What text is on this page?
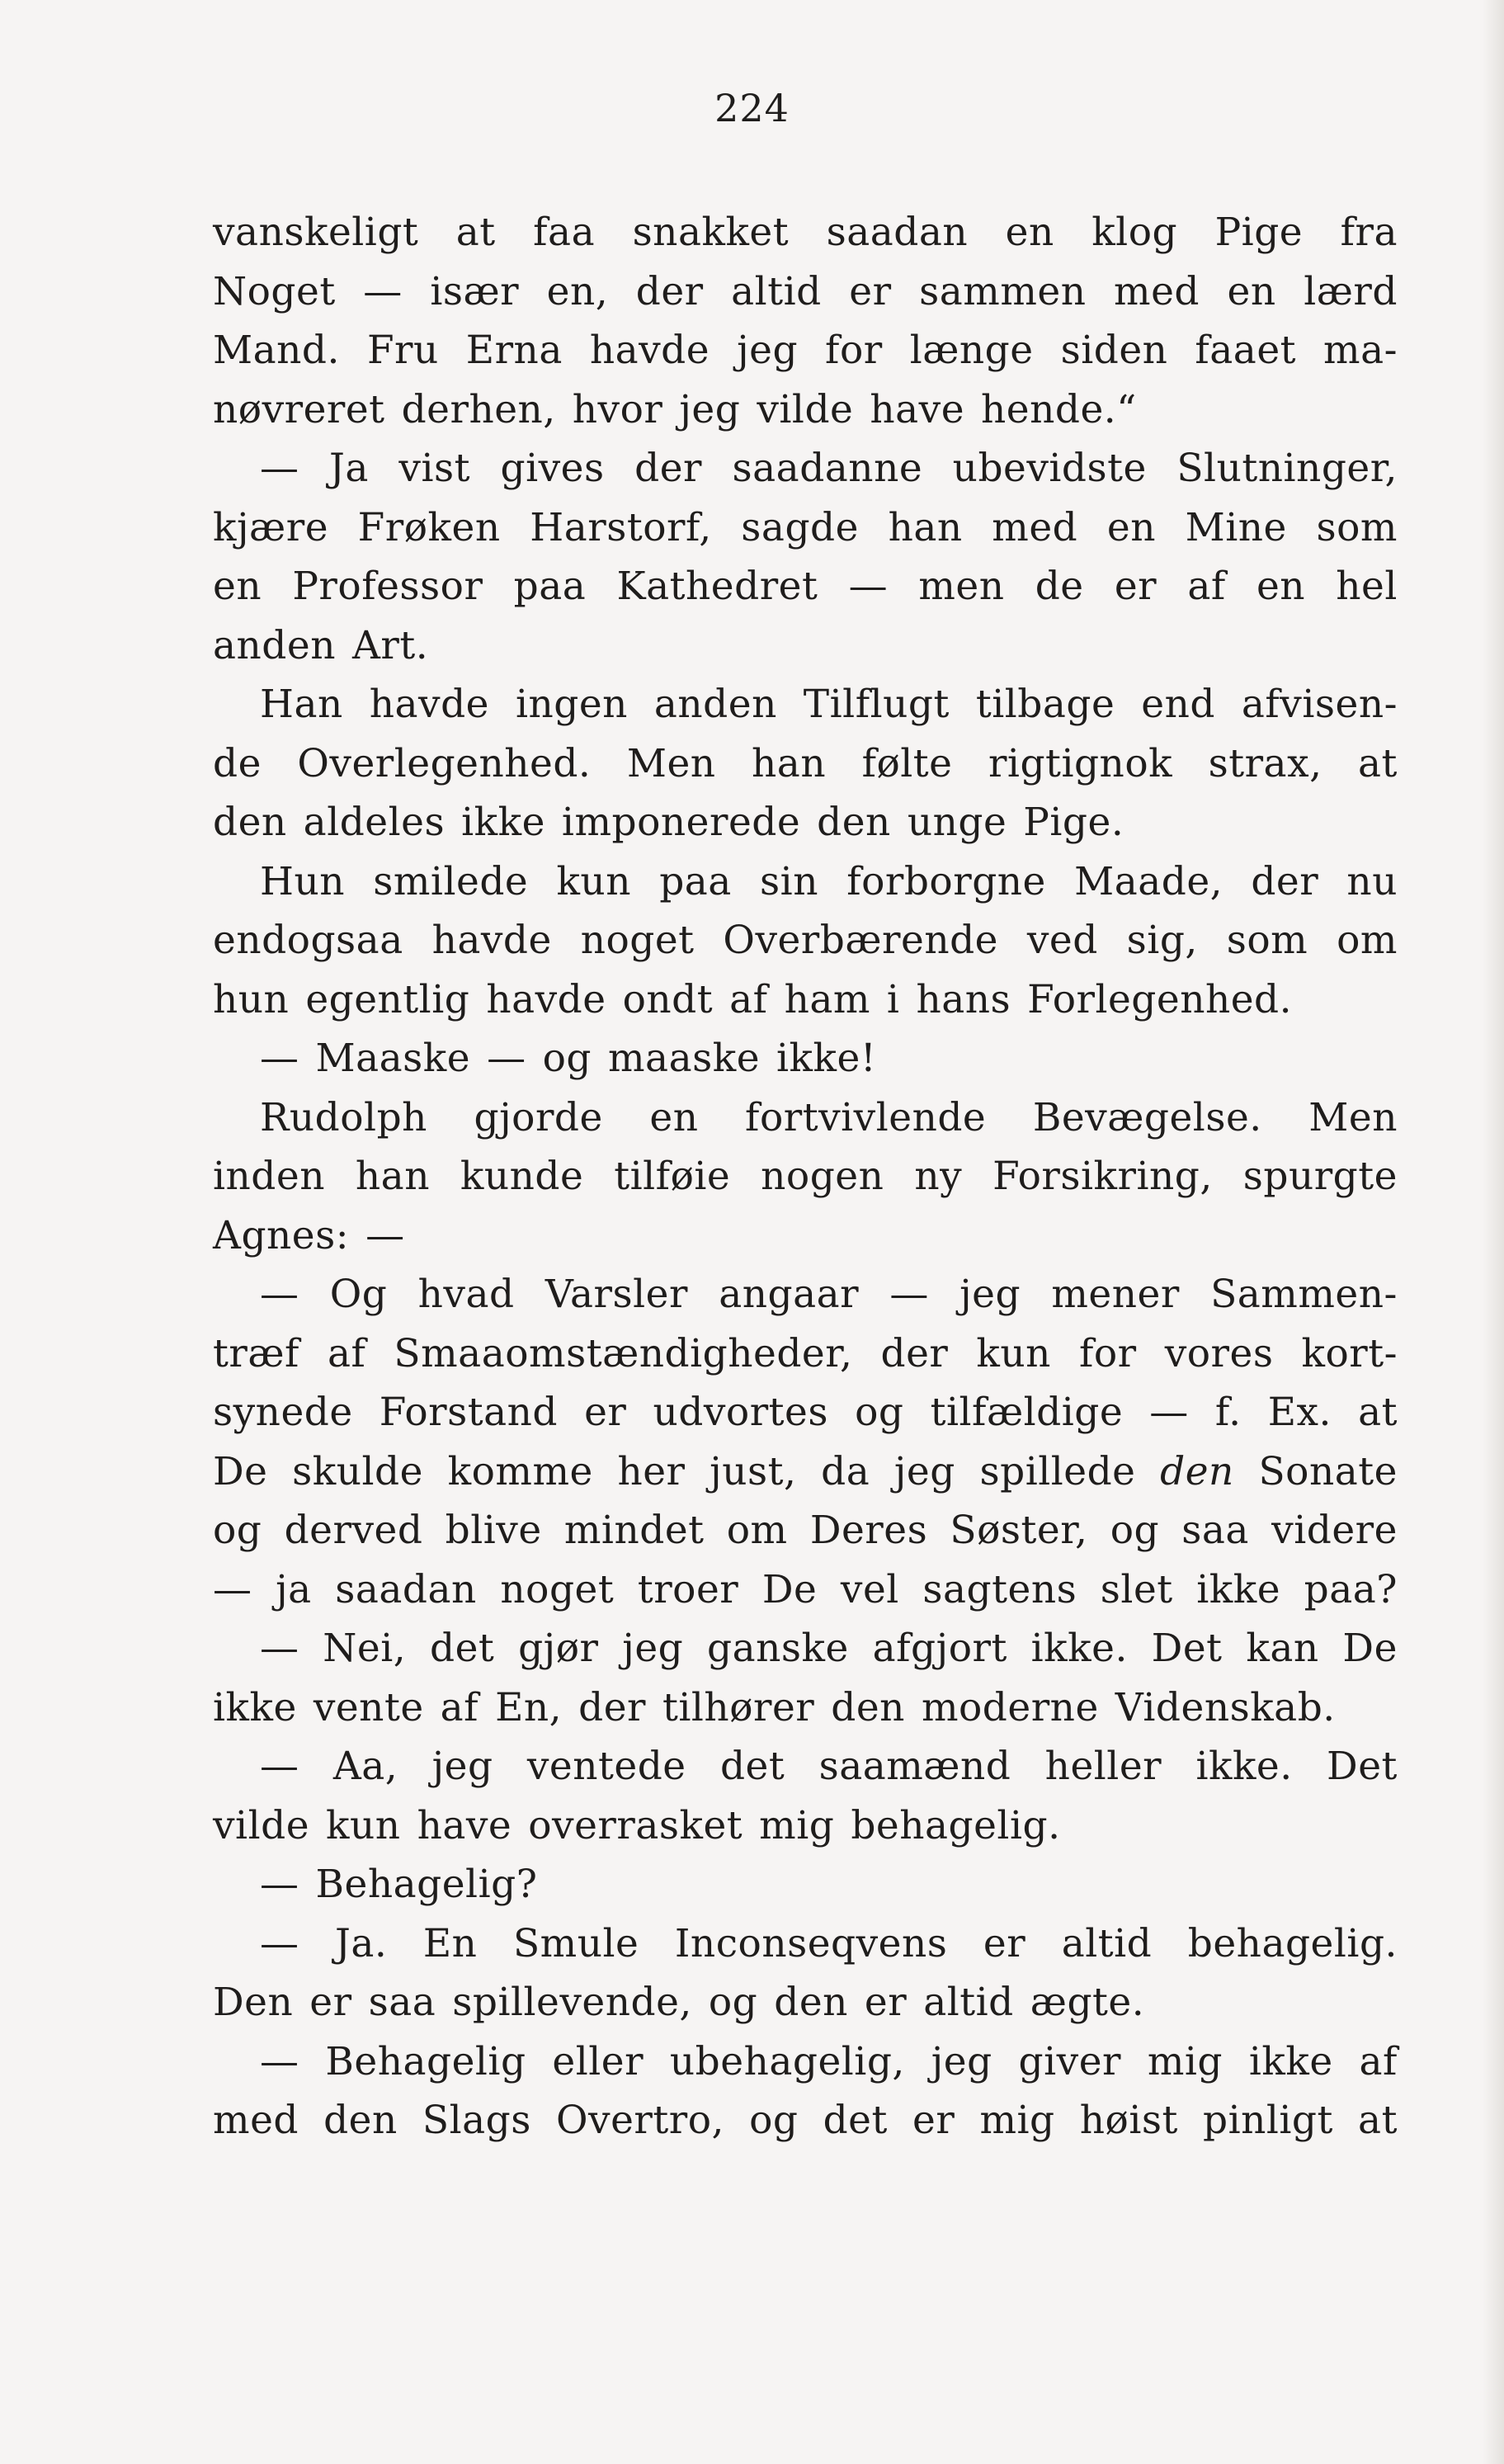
224
vanskeligt at faa snakket saadan en klog Pige fra
Noget — især en, der altid er sammen med en lærd
Mand. Fru Erna havde jeg for længe siden faaet ma-
nøvreret derhen, hvor jeg vilde have hende.“
— Ja vist gives der saadanne ubevidste Slutninger,
kjære Frøken Harstorf, sagde han med en Mine som
en Professor paa Kathedret — men de er af en hel
anden Art.
Han havde ingen anden Tilflugt tilbage end afvisen-
de Overlegenhed. Men han følte rigtignok strax, at
den aldeles ikke imponerede den unge Pige.
Hun smilede kun paa sin forborgne Maade, der nu
endogsaa havde noget Overbærende ved sig, som om
hun egentlig havde ondt af ham i hans Forlegenhed.
— Maaske — og maaske ikke!
Rudolph gjorde en fortvivlende Bevægelse. Men
inden han kunde tilføie nogen ny Forsikring, spurgte
Agnes: —
— Og hvad Varsler angaar — jeg mener Sammen-
træf af Smaaomstændigheder, der kun for vores kort-
synede Forstand er udvortes og tilfældige — f. Ex. at
De skulde komme her just, da jeg spillede den Sonate
og derved blive mindet om Deres Søster, og saa videre
— ja saadan noget troer De vel sagtens slet ikke paa?
— Nei, det gjør jeg ganske afgjort ikke. Det kan De
ikke vente af En, der tilhører den moderne Videnskab.
— Aa, jeg ventede det saamænd heller ikke. Det
vilde kun have overrasket mig behagelig.
— Behagelig?
— Ja. En Smule Inconseqvens er altid behagelig.
Den er saa spillevende, og den er altid ægte.
— Behagelig eller ubehagelig, jeg giver mig ikke af
med den Slags Overtro, og det er mig høist pinligt at
